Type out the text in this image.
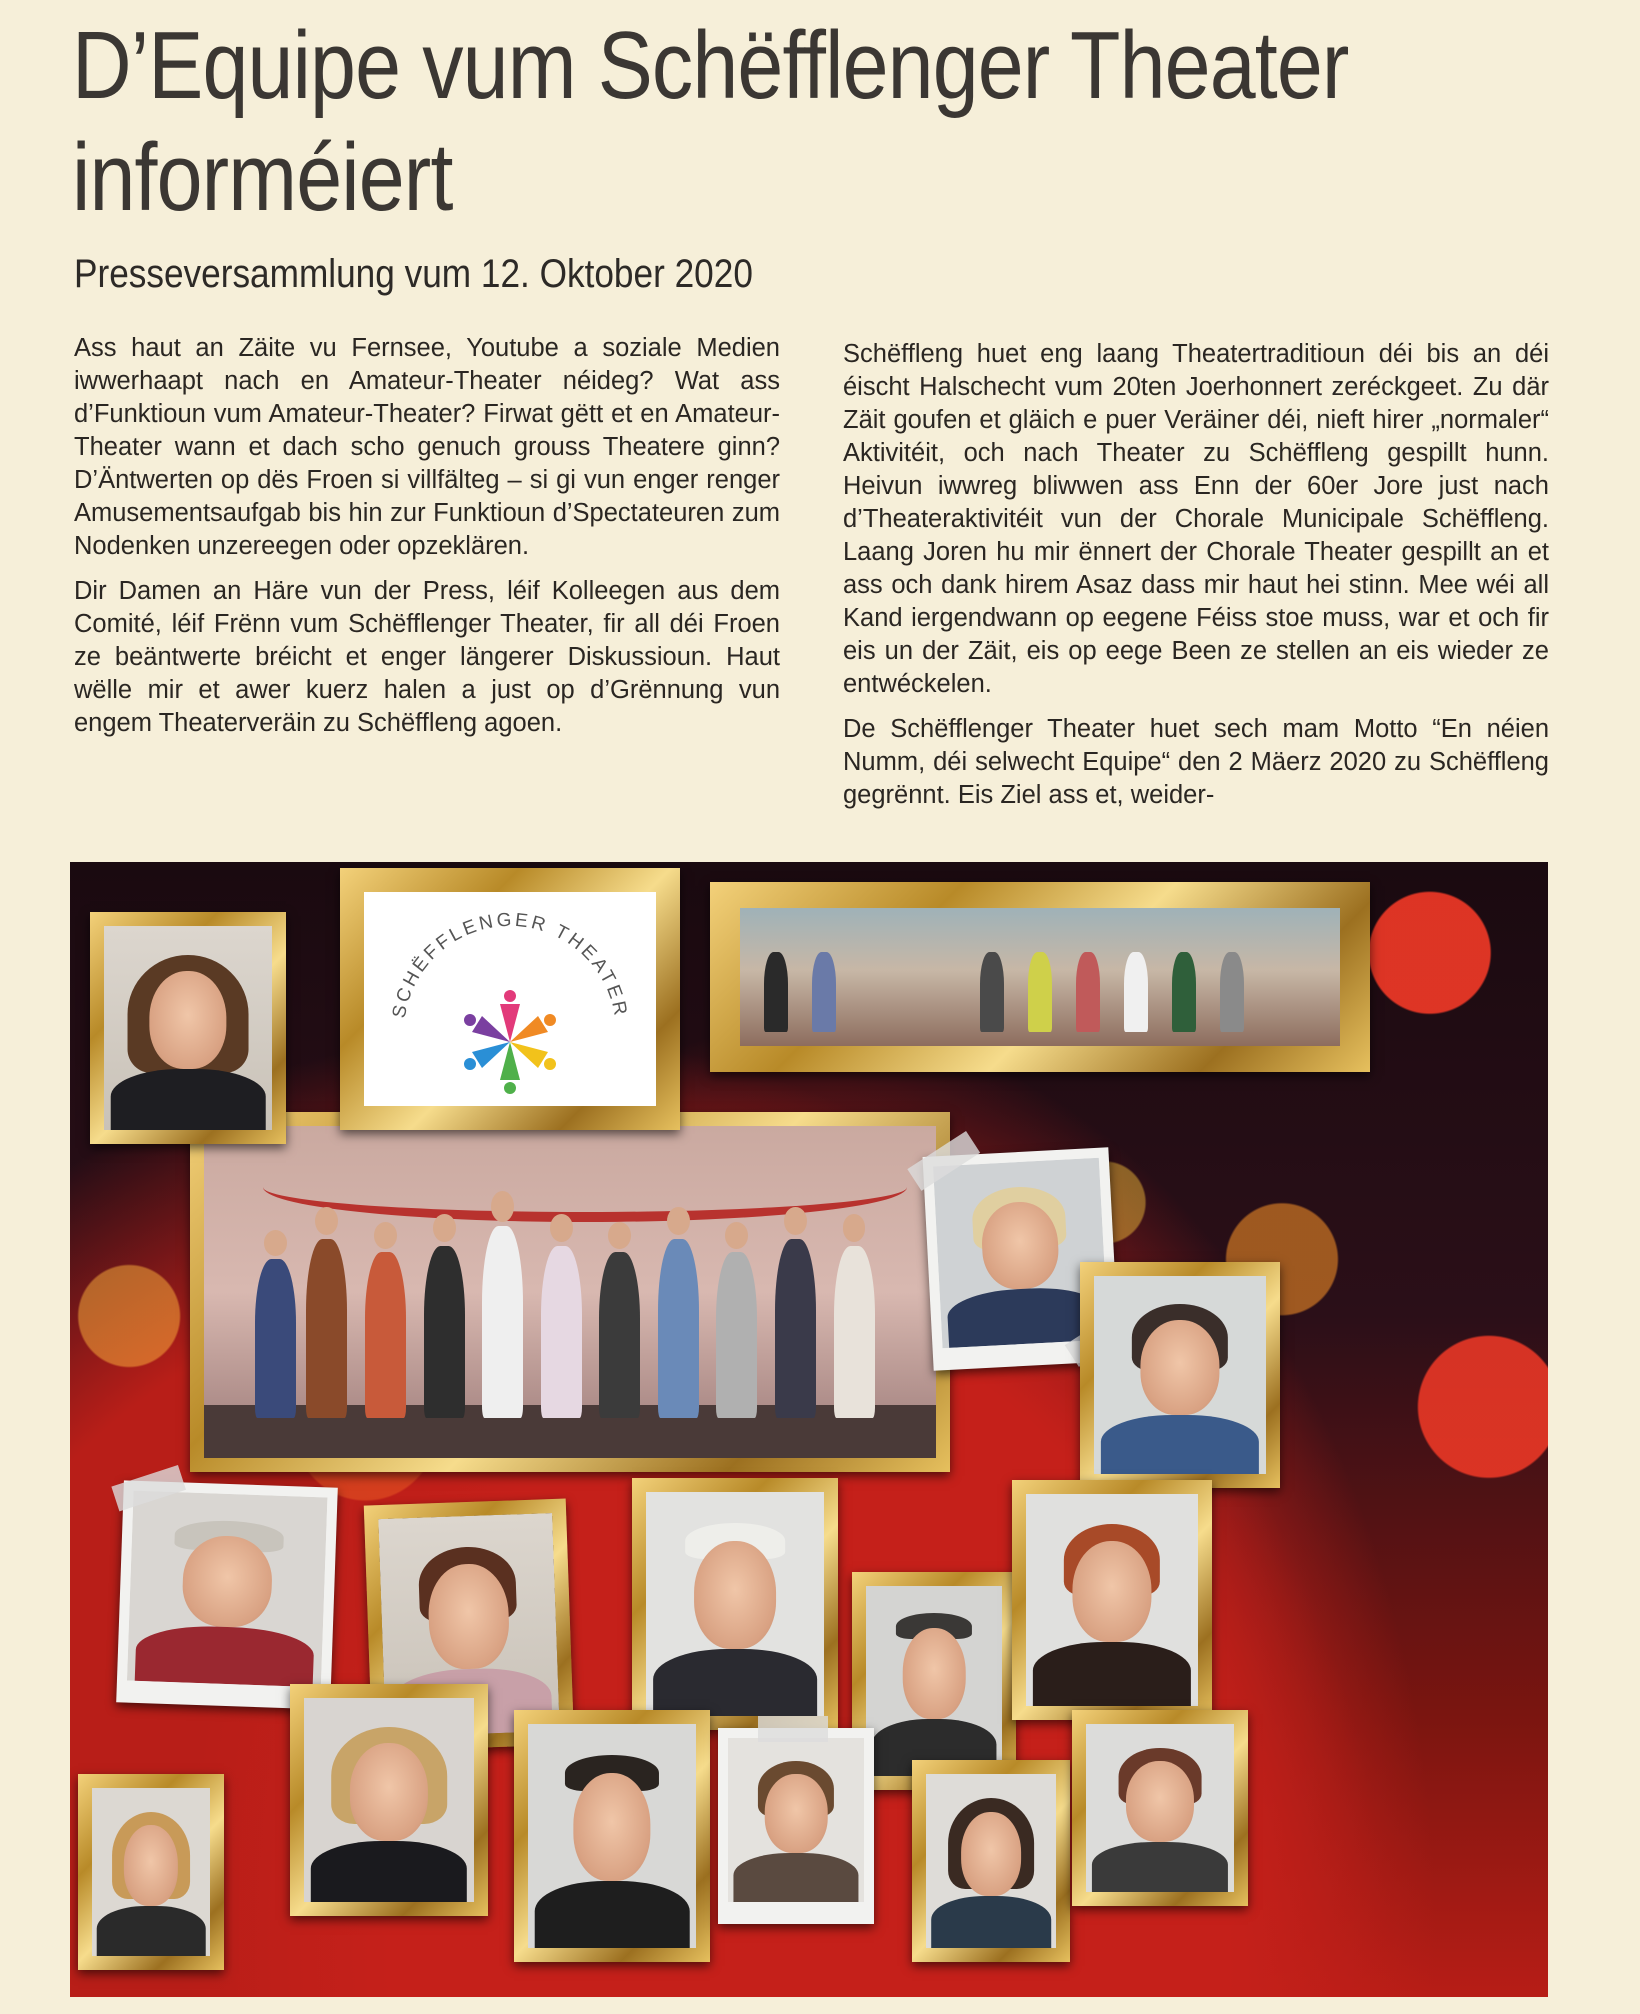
D’Equipe vum Schëfflenger Theater informéiert
Presseversammlung vum 12. Oktober 2020

Ass haut an Zäite vu Fernsee, Youtube a soziale Medien iwwerhaapt nach en Amateur-Theater néideg? Wat ass d’Funktioun vum Amateur-Theater? Firwat gëtt et en Amateur-Theater wann et dach scho genuch grouss Theatere ginn? D’Äntwerten op dës Froen si villfälteg – si gi vun enger renger Amusementsaufgab bis hin zur Funktioun d’Spectateuren zum Nodenken unzereegen oder opzeklären.

Dir Damen an Häre vun der Press, léif Kolleegen aus dem Comité, léif Frënn vum Schëfflenger Theater, fir all déi Froen ze beäntwerte bréicht et enger längerer Diskussioun. Haut wëlle mir et awer kuerz halen a just op d’Grënnung vun engem Theaterveräin zu Schëffleng agoen.

Schëffleng huet eng laang Theatertraditioun déi bis an déi éischt Halschecht vum 20ten Joerhonnert zeréckgeet. Zu där Zäit goufen et gläich e puer Veräiner déi, nieft hirer „normaler“ Aktivitéit, och nach Theater zu Schëffleng gespillt hunn. Heivun iwwreg bliwwen ass Enn der 60er Jore just nach d’Theateraktivitéit vun der Chorale Municipale Schëffleng. Laang Joren hu mir ënnert der Chorale Theater gespillt an et ass och dank hirem Asaz dass mir haut hei stinn. Mee wéi all Kand iergendwann op eegene Féiss stoe muss, war et och fir eis un der Zäit, eis op eege Been ze stellen an eis wieder ze entwéckelen.

De Schëfflenger Theater huet sech mam Motto “En néien Numm, déi selwecht Equipe“ den 2 Mäerz 2020 zu Schëffleng gegrënnt. Eis Ziel ass et, weider-

SCHËFFLENGER THEATER
